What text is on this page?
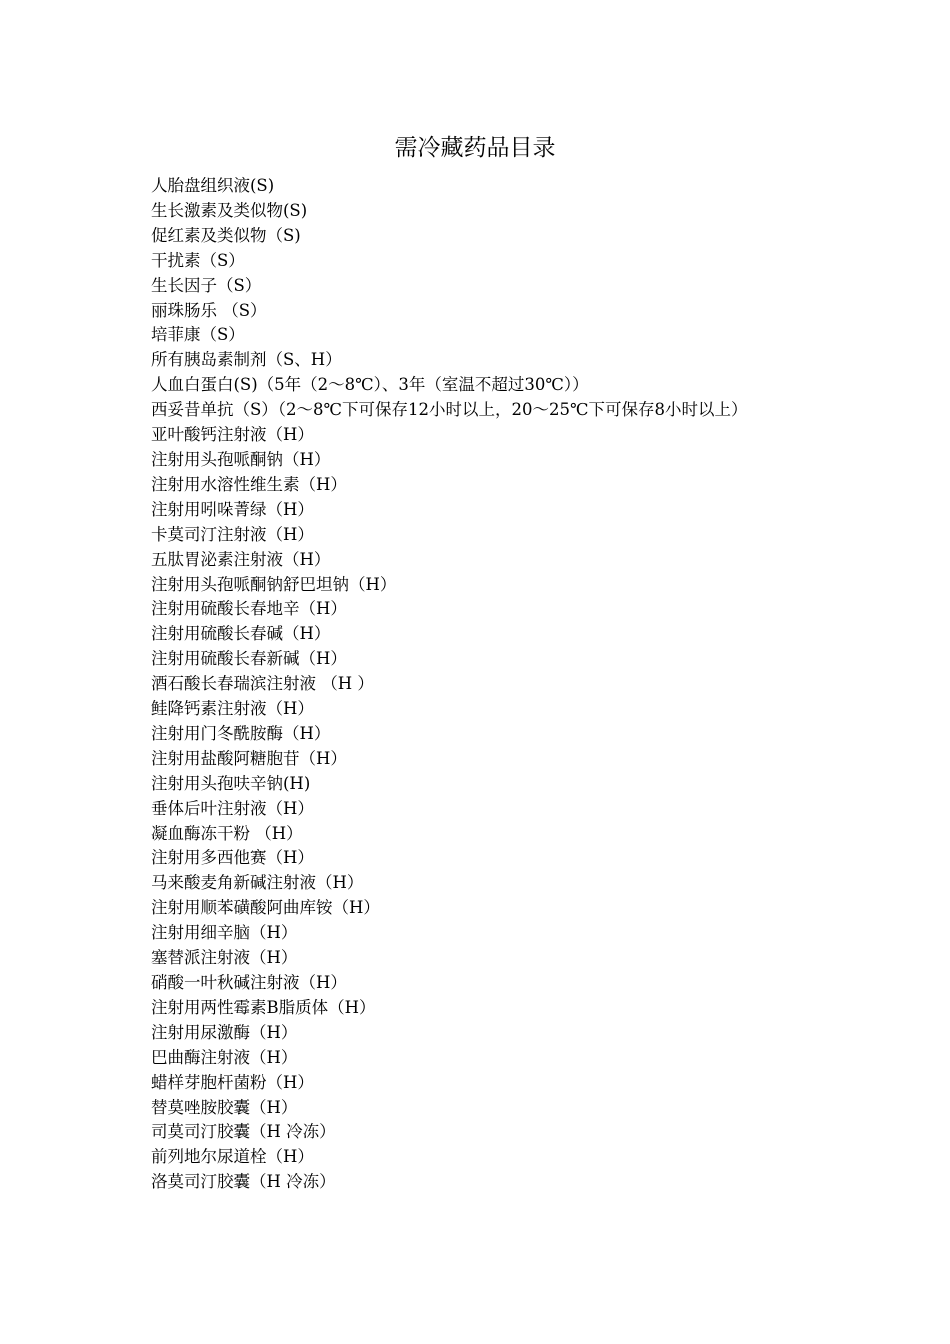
需冷藏药品目录
人胎盘组织液(S)
生长激素及类似物(S)
促红素及类似物（S)
干扰素（S）
生长因子（S）
丽珠肠乐 （S）
培菲康（S）
所有胰岛素制剂（S、H）
人血白蛋白(S)（5年（2～8℃）、3年（室温不超过30℃））
西妥昔单抗（S）（2～8℃下可保存12小时以上，20～25℃下可保存8小时以上）
亚叶酸钙注射液（H）
注射用头孢哌酮钠（H）
注射用水溶性维生素（H）
注射用吲哚菁绿（H）
卡莫司汀注射液（H）
五肽胃泌素注射液（H）
注射用头孢哌酮钠舒巴坦钠（H）
注射用硫酸长春地辛（H）
注射用硫酸长春碱（H）
注射用硫酸长春新碱（H）
酒石酸长春瑞滨注射液 （H ）
鲑降钙素注射液（H）
注射用门冬酰胺酶（H）
注射用盐酸阿糖胞苷（H）
注射用头孢呋辛钠(H)
垂体后叶注射液（H）
凝血酶冻干粉 （H）
注射用多西他赛（H）
马来酸麦角新碱注射液（H）
注射用顺苯磺酸阿曲库铵（H）
注射用细辛脑（H）
塞替派注射液（H）
硝酸一叶秋碱注射液（H）
注射用两性霉素B脂质体（H）
注射用尿激酶（H）
巴曲酶注射液（H）
蜡样芽胞杆菌粉（H）
替莫唑胺胶囊（H）
司莫司汀胶囊（H 冷冻）
前列地尔尿道栓（H）
洛莫司汀胶囊（H 冷冻）
